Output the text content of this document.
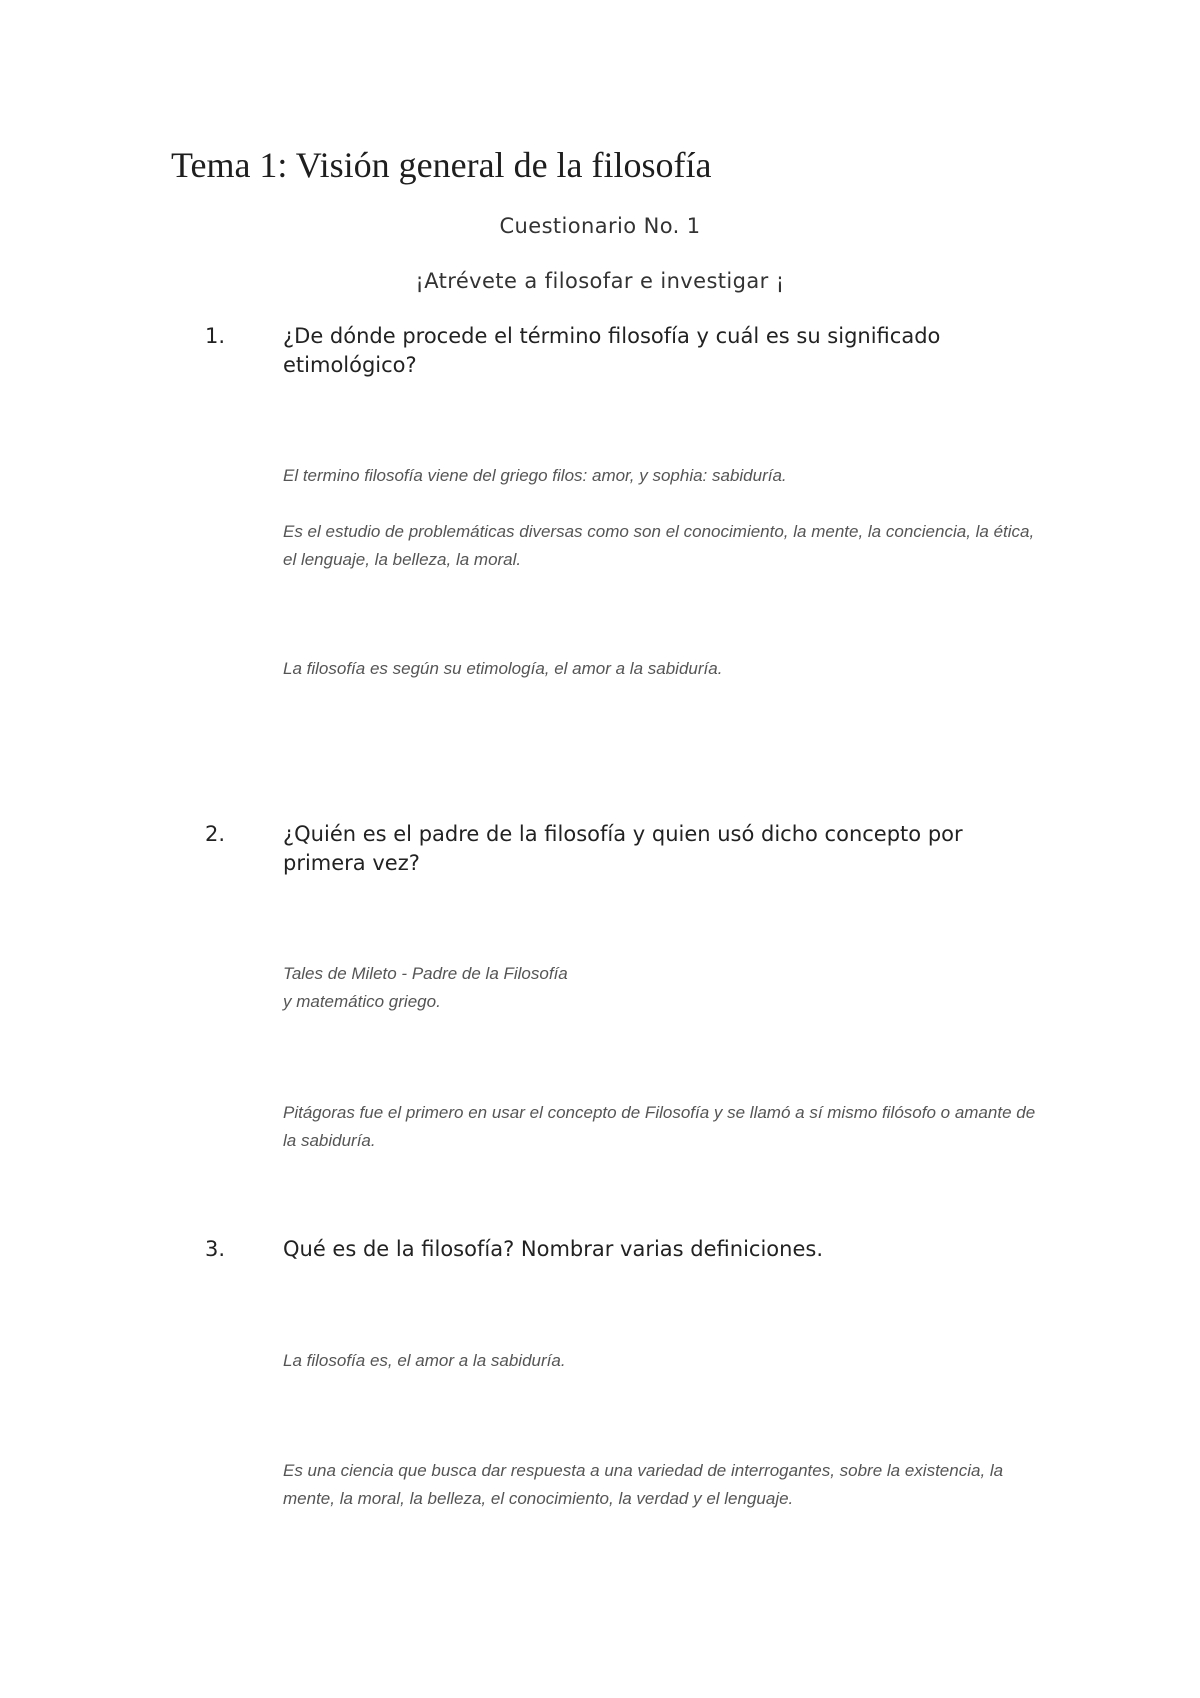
Tema 1: Visión general de la filosofía

Cuestionario No. 1

¡Atrévete a filosofar e investigar ¡

1.	¿De dónde procede el término filosofía y cuál es su significado etimológico?

El termino filosofía viene del griego filos: amor, y sophia: sabiduría.

Es el estudio de problemáticas diversas como son el conocimiento, la mente, la conciencia, la ética, el lenguaje, la belleza, la moral.

La filosofía es según su etimología, el amor a la sabiduría.

2.	¿Quién es el padre de la filosofía y quien usó dicho concepto por primera vez?

Tales de Mileto - Padre de la Filosofía
y matemático griego.

Pitágoras fue el primero en usar el concepto de Filosofía y se llamó a sí mismo filósofo o amante de la sabiduría.

3.	Qué es de la filosofía? Nombrar varias definiciones.

La filosofía es, el amor a la sabiduría.

Es una ciencia que busca dar respuesta a una variedad de interrogantes, sobre la existencia, la mente, la moral, la belleza, el conocimiento, la verdad y el lenguaje.
